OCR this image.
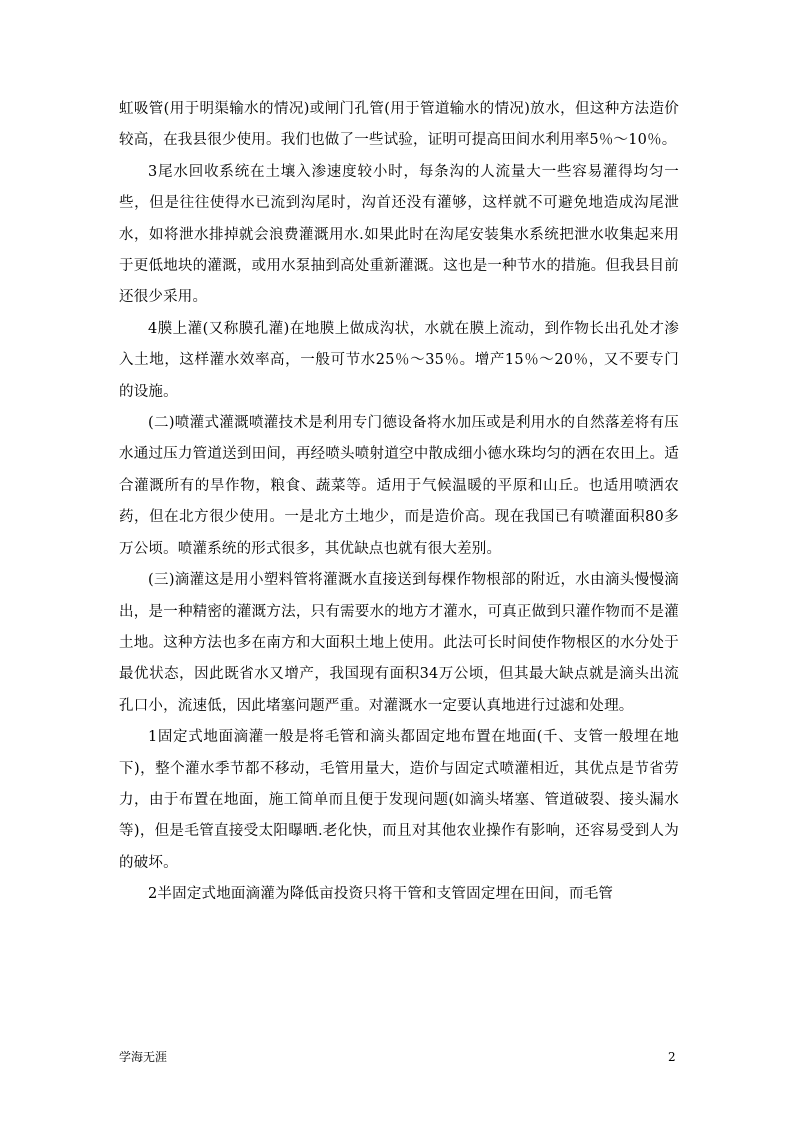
虹吸管(用于明渠输水的情况)或闸门孔管(用于管道输水的情况)放水，但这种方法造价较高，在我县很少使用。我们也做了一些试验，证明可提高田间水利用率5％～10％。

3尾水回收系统在土壤入渗速度较小时，每条沟的人流量大一些容易灌得均匀一些，但是往往使得水已流到沟尾时，沟首还没有灌够，这样就不可避免地造成沟尾泄水，如将泄水排掉就会浪费灌溉用水.如果此时在沟尾安装集水系统把泄水收集起来用于更低地块的灌溉，或用水泵抽到高处重新灌溉。这也是一种节水的措施。但我县目前还很少采用。

4膜上灌(又称膜孔灌)在地膜上做成沟状，水就在膜上流动，到作物长出孔处才渗入土地，这样灌水效率高，一般可节水25％～35％。增产15％～20％，又不要专门的设施。

(二)喷灌式灌溉喷灌技术是利用专门德设备将水加压或是利用水的自然落差将有压水通过压力管道送到田间，再经喷头喷射道空中散成细小德水珠均匀的洒在农田上。适合灌溉所有的旱作物，粮食、蔬菜等。适用于气候温暖的平原和山丘。也适用喷洒农药，但在北方很少使用。一是北方土地少，而是造价高。现在我国已有喷灌面积80多万公顷。喷灌系统的形式很多，其优缺点也就有很大差别。

(三)滴灌这是用小塑料管将灌溉水直接送到每棵作物根部的附近，水由滴头慢慢滴出，是一种精密的灌溉方法，只有需要水的地方才灌水，可真正做到只灌作物而不是灌土地。这种方法也多在南方和大面积土地上使用。此法可长时间使作物根区的水分处于最优状态，因此既省水又增产，我国现有面积34万公顷，但其最大缺点就是滴头出流孔口小，流速低，因此堵塞问题严重。对灌溉水一定要认真地进行过滤和处理。

1固定式地面滴灌一般是将毛管和滴头都固定地布置在地面(千、支管一般埋在地下)，整个灌水季节都不移动，毛管用量大，造价与固定式喷灌相近，其优点是节省劳力，由于布置在地面，施工简单而且便于发现问题(如滴头堵塞、管道破裂、接头漏水等)，但是毛管直接受太阳曝晒.老化快，而且对其他农业操作有影响，还容易受到人为的破坏。

2半固定式地面滴灌为降低亩投资只将干管和支管固定埋在田间，而毛管

学海无涯	2
